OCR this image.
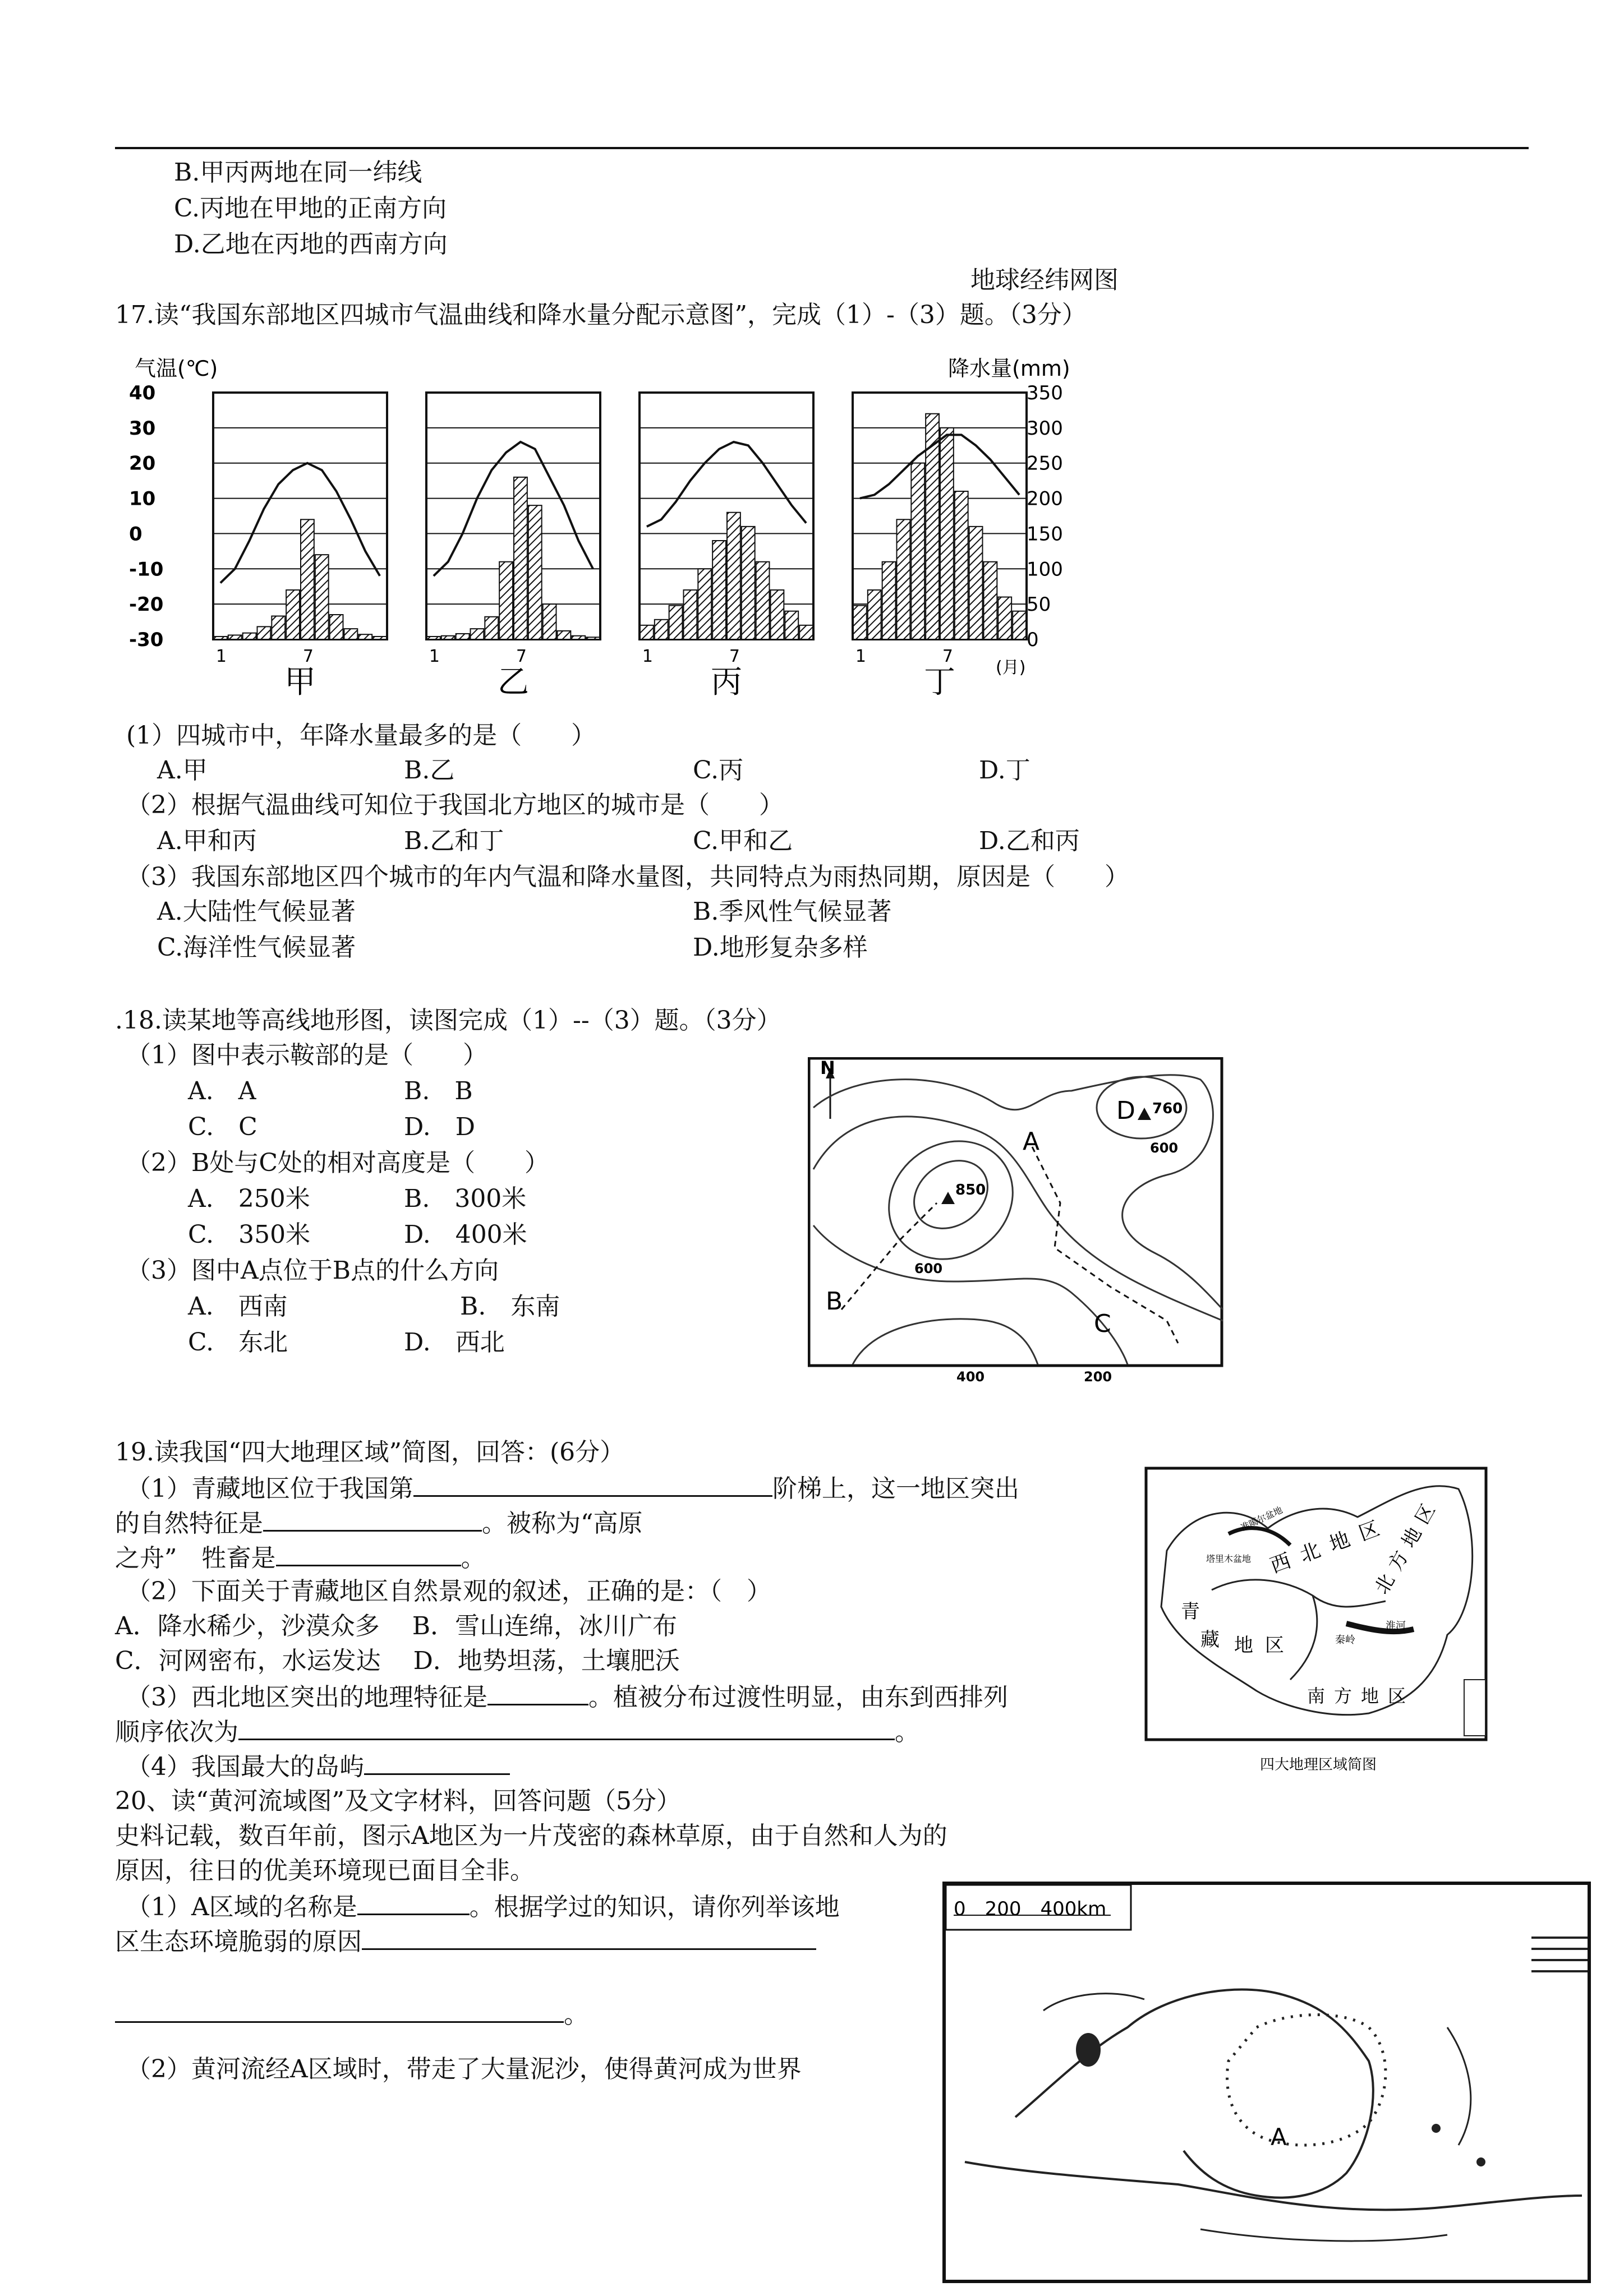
B.甲丙两地在同一纬线
C.丙地在甲地的正南方向
D.乙地在丙地的西南方向
地球经纬网图
17.读“我国东部地区四城市气温曲线和降水量分配示意图”，完成（1）-（3）题。（3分）
40
30
20
10
0
-10
-20
-30
350
300
250
200
150
100
50
0
1	7
甲
1	7
乙
1	7
丙
1	7
丁
气温(℃)	降水量(mm)
(月)
(1）四城市中，年降水量最多的是（　　）
A.甲	B.乙	C.丙	D.丁
（2）根据气温曲线可知位于我国北方地区的城市是（　　）
A.甲和丙	B.乙和丁	C.甲和乙	D.乙和丙
（3）我国东部地区四个城市的年内气温和降水量图，共同特点为雨热同期，原因是（　　）
A.大陆性气候显著	B.季风性气候显著
C.海洋性气候显著	D.地形复杂多样
.18.读某地等高线地形图，读图完成（1）--（3）题。（3分）
（1）图中表示鞍部的是（　　）
A.　A	B.　B
C.　C	D.　D
（2）B处与C处的相对高度是（　　）
A.　250米	B.　300米
C.　350米	D.　400米
（3）图中A点位于B点的什么方向
A.　西南	B.　东南
C.　东北	D.　西北
N
850
760
A
B
C
D
600
600
400	200
19.读我国“四大地理区域”简图，回答：(6分）
（1）青藏地区位于我国第	阶梯上，这一地区突出
的自然特征是	。被称为“高原
之舟”　牲畜是	。
（2）下面关于青藏地区自然景观的叙述，正确的是：（　）
A．降水稀少，沙漠众多　 B．雪山连绵，冰川广布
C．河网密布，水运发达　 D．地势坦荡，土壤肥沃
（3）西北地区突出的地理特征是	。植被分布过渡性明显，由东到西排列
顺序依次为	。
（4）我国最大的岛屿
准噶尔盆地
塔里木盆地 西北地区
青
藏 地 区
北方地区
南方地区
秦岭
淮河
四大地理区域简图
20、读“黄河流域图”及文字材料，回答问题（5分）
史料记载，数百年前，图示A地区为一片茂密的森林草原，由于自然和人为的
原因，往日的优美环境现已面目全非。
（1）A区域的名称是	。根据学过的知识，请你列举该地
区生态环境脆弱的原因
。
（2）黄河流经A区域时，带走了大量泥沙，使得黄河成为世界
0　200　400km
A
